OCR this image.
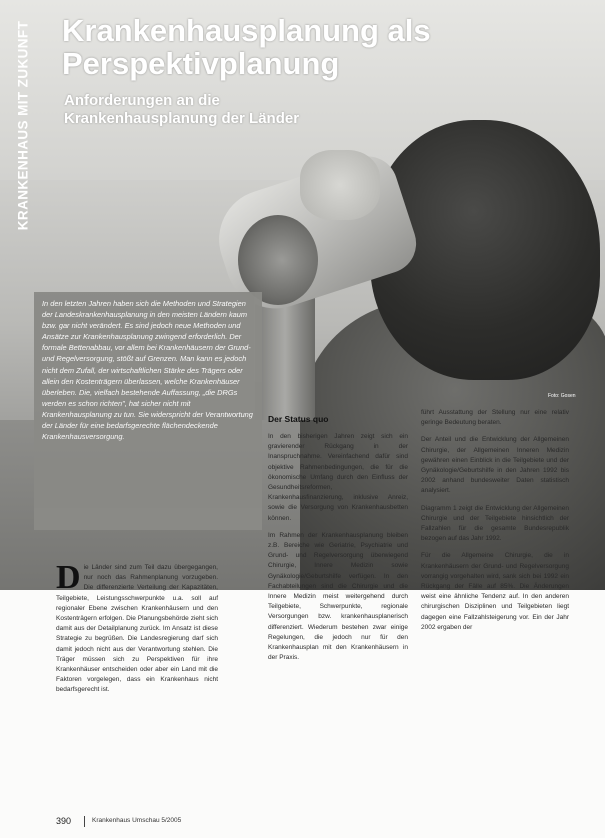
KRANKENHAUS MIT ZUKUNFT Krankenhausplanung als
Perspektivplanung
Anforderungen an die
Krankenhausplanung der Länder
Foto: Gosen

In den letzten Jahren haben sich die Methoden und Strategien der Landeskrankenhausplanung in den meisten Ländern kaum bzw. gar nicht verändert. Es sind jedoch neue Methoden und Ansätze zur Krankenhausplanung zwingend erforderlich. Der formale Bettenabbau, vor allem bei Krankenhäusern der Grund- und Regelversorgung, stößt auf Grenzen. Man kann es jedoch nicht dem Zufall, der wirtschaftlichen Stärke des Trägers oder allein den Kostenträgern überlassen, welche Krankenhäuser überleben. Die, vielfach bestehende Auffassung, „die DRGs werden es schon richten", hat sicher nicht mit Krankenhausplanung zu tun. Sie widerspricht der Verantwortung der Länder für eine bedarfsgerechte flächendeckende Krankenhausversorgung.

Die Länder sind zum Teil dazu übergegangen, nur noch das Rahmenplanung vorzugeben. Die differenzierte Verteilung der Kapazitäten, Teilgebiete, Leistungsschwerpunkte u.a. soll auf regionaler Ebene zwischen Krankenhäusern und den Kostenträgern erfolgen. Die Planungsbehörde zieht sich damit aus der Detailplanung zurück. Im Ansatz ist diese Strategie zu begrüßen. Die Landesregierung darf sich damit jedoch nicht aus der Verantwortung stehlen. Die Träger müssen sich zu Perspektiven für ihre Krankenhäuser entscheiden oder aber ein Land mit die Faktoren vorgelegen, dass ein Krankenhaus nicht bedarfsgerecht ist.

Der Status quo

In den bisherigen Jahren zeigt sich ein gravierender Rückgang in der Inanspruchnahme. Vereinfachend dafür sind objektive Rahmenbedingungen, die für die ökonomische Umfang durch den Einfluss der Gesundheitsreformen, Krankenhausfinanzierung, inklusive Anreiz, sowie die Versorgung von Krankenhausbetten können.

Im Rahmen der Krankenhausplanung bleiben z.B. Bereiche wie Geriatrie, Psychiatrie und Grund- und Regelversorgung überwiegend Chirurgie, Innere Medizin sowie Gynäkologie/Geburtshilfe verfügen. In den Fachabteilungen sind die Chirurgie und die Innere Medizin meist weitergehend durch Teilgebiete, Schwerpunkte, regionale Versorgungen bzw. krankenhausplanerisch differenziert. Wiederum bestehen zwar einige Regelungen, die jedoch nur für den Krankenhausplan mit den Krankenhäusern in der Praxis.

führt Ausstattung der Stellung nur eine relativ geringe Bedeutung beraten.

Der Anteil und die Entwicklung der Allgemeinen Chirurgie, der Allgemeinen Inneren Medizin gewähren einen Einblick in die Teilgebiete und der Gynäkologie/Geburtshilfe in den Jahren 1992 bis 2002 anhand bundesweiter Daten statistisch analysiert.

Diagramm 1 zeigt die Entwicklung der Allgemeinen Chirurgie und der Teilgebiete hinsichtlich der Fallzahlen für die gesamte Bundesrepublik bezogen auf das Jahr 1992.

Für die Allgemeine Chirurgie, die in Krankenhäusern der Grund- und Regelversorgung vorrangig vorgehalten wird, sank sich bei 1992 ein Rückgang der Fälle auf 85%. Die Änderungen weist eine ähnliche Tendenz auf. In den anderen chirurgischen Disziplinen und Teilgebieten liegt dagegen eine Fallzahlsteigerung vor. Ein der Jahr 2002 ergaben der

390	Krankenhaus Umschau 5/2005
